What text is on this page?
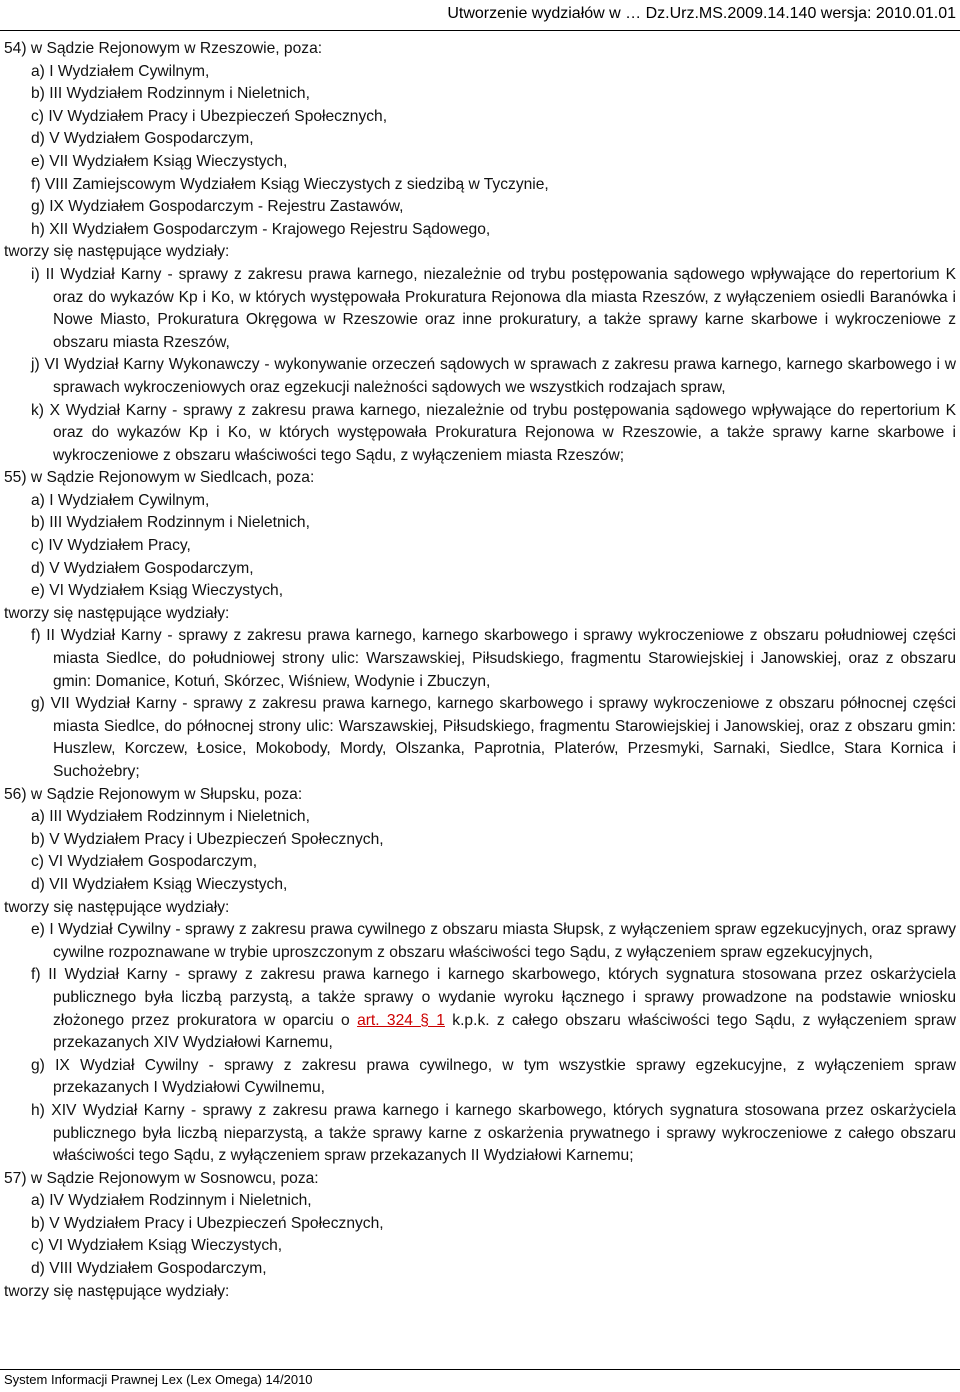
Utworzenie wydziałów w … Dz.Urz.MS.2009.14.140 wersja: 2010.01.01
54) w Sądzie Rejonowym w Rzeszowie, poza:
a) I Wydziałem Cywilnym,
b) III Wydziałem Rodzinnym i Nieletnich,
c) IV Wydziałem Pracy i Ubezpieczeń Społecznych,
d) V Wydziałem Gospodarczym,
e) VII Wydziałem Ksiąg Wieczystych,
f) VIII Zamiejscowym Wydziałem Ksiąg Wieczystych z siedzibą w Tyczynie,
g) IX Wydziałem Gospodarczym - Rejestru Zastawów,
h) XII Wydziałem Gospodarczym - Krajowego Rejestru Sądowego,
tworzy się następujące wydziały:
i) II Wydział Karny - sprawy z zakresu prawa karnego, niezależnie od trybu postępowania sądowego wpływające do repertorium K oraz do wykazów Kp i Ko, w których występowała Prokuratura Rejonowa dla miasta Rzeszów, z wyłączeniem osiedli Baranówka i Nowe Miasto, Prokuratura Okręgowa w Rzeszowie oraz inne prokuratury, a także sprawy karne skarbowe i wykroczeniowe z obszaru miasta Rzeszów,
j) VI Wydział Karny Wykonawczy - wykonywanie orzeczeń sądowych w sprawach z zakresu prawa karnego, karnego skarbowego i w sprawach wykroczeniowych oraz egzekucji należności sądowych we wszystkich rodzajach spraw,
k) X Wydział Karny - sprawy z zakresu prawa karnego, niezależnie od trybu postępowania sądowego wpływające do repertorium K oraz do wykazów Kp i Ko, w których występowała Prokuratura Rejonowa w Rzeszowie, a także sprawy karne skarbowe i wykroczeniowe z obszaru właściwości tego Sądu, z wyłączeniem miasta Rzeszów;
55) w Sądzie Rejonowym w Siedlcach, poza:
a) I Wydziałem Cywilnym,
b) III Wydziałem Rodzinnym i Nieletnich,
c) IV Wydziałem Pracy,
d) V Wydziałem Gospodarczym,
e) VI Wydziałem Ksiąg Wieczystych,
tworzy się następujące wydziały:
f) II Wydział Karny - sprawy z zakresu prawa karnego, karnego skarbowego i sprawy wykroczeniowe z obszaru południowej części miasta Siedlce, do południowej strony ulic: Warszawskiej, Piłsudskiego, fragmentu Starowiejskiej i Janowskiej, oraz z obszaru gmin: Domanice, Kotuń, Skórzec, Wiśniew, Wodynie i Zbuczyn,
g) VII Wydział Karny - sprawy z zakresu prawa karnego, karnego skarbowego i sprawy wykroczeniowe z obszaru północnej części miasta Siedlce, do północnej strony ulic: Warszawskiej, Piłsudskiego, fragmentu Starowiejskiej i Janowskiej, oraz z obszaru gmin: Huszlew, Korczew, Łosice, Mokobody, Mordy, Olszanka, Paprotnia, Platerów, Przesmyki, Sarnaki, Siedlce, Stara Kornica i Suchożebry;
56) w Sądzie Rejonowym w Słupsku, poza:
a) III Wydziałem Rodzinnym i Nieletnich,
b) V Wydziałem Pracy i Ubezpieczeń Społecznych,
c) VI Wydziałem Gospodarczym,
d) VII Wydziałem Ksiąg Wieczystych,
tworzy się następujące wydziały:
e) I Wydział Cywilny - sprawy z zakresu prawa cywilnego z obszaru miasta Słupsk, z wyłączeniem spraw egzekucyjnych, oraz sprawy cywilne rozpoznawane w trybie uproszczonym z obszaru właściwości tego Sądu, z wyłączeniem spraw egzekucyjnych,
f) II Wydział Karny - sprawy z zakresu prawa karnego i karnego skarbowego, których sygnatura stosowana przez oskarżyciela publicznego była liczbą parzystą, a także sprawy o wydanie wyroku łącznego i sprawy prowadzone na podstawie wniosku złożonego przez prokuratora w oparciu o art. 324 § 1 k.p.k. z całego obszaru właściwości tego Sądu, z wyłączeniem spraw przekazanych XIV Wydziałowi Karnemu,
g) IX Wydział Cywilny - sprawy z zakresu prawa cywilnego, w tym wszystkie sprawy egzekucyjne, z wyłączeniem spraw przekazanych I Wydziałowi Cywilnemu,
h) XIV Wydział Karny - sprawy z zakresu prawa karnego i karnego skarbowego, których sygnatura stosowana przez oskarżyciela publicznego była liczbą nieparzystą, a także sprawy karne z oskarżenia prywatnego i sprawy wykroczeniowe z całego obszaru właściwości tego Sądu, z wyłączeniem spraw przekazanych II Wydziałowi Karnemu;
57) w Sądzie Rejonowym w Sosnowcu, poza:
a) IV Wydziałem Rodzinnym i Nieletnich,
b) V Wydziałem Pracy i Ubezpieczeń Społecznych,
c) VI Wydziałem Ksiąg Wieczystych,
d) VIII Wydziałem Gospodarczym,
tworzy się następujące wydziały:
System Informacji Prawnej Lex (Lex Omega) 14/2010
